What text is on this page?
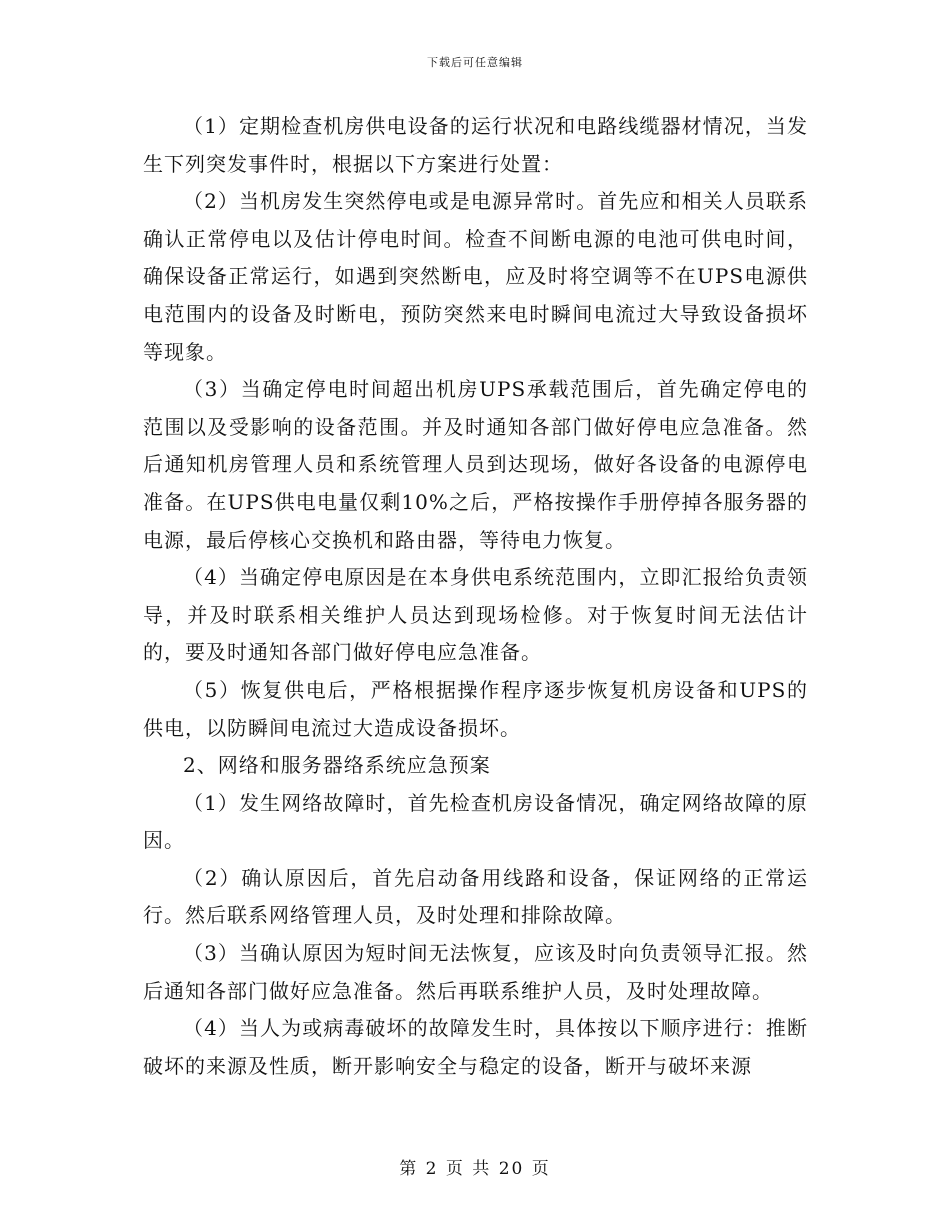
下载后可任意编辑

（1）定期检查机房供电设备的运行状况和电路线缆器材情况，当发生下列突发事件时，根据以下方案进行处置：

（2）当机房发生突然停电或是电源异常时。首先应和相关人员联系确认正常停电以及估计停电时间。检查不间断电源的电池可供电时间，确保设备正常运行，如遇到突然断电，应及时将空调等不在UPS电源供电范围内的设备及时断电，预防突然来电时瞬间电流过大导致设备损坏等现象。

（3）当确定停电时间超出机房UPS承载范围后，首先确定停电的范围以及受影响的设备范围。并及时通知各部门做好停电应急准备。然后通知机房管理人员和系统管理人员到达现场，做好各设备的电源停电准备。在UPS供电电量仅剩10%之后，严格按操作手册停掉各服务器的电源，最后停核心交换机和路由器，等待电力恢复。

（4）当确定停电原因是在本身供电系统范围内，立即汇报给负责领导，并及时联系相关维护人员达到现场检修。对于恢复时间无法估计的，要及时通知各部门做好停电应急准备。

（5）恢复供电后，严格根据操作程序逐步恢复机房设备和UPS的供电，以防瞬间电流过大造成设备损坏。

2、网络和服务器络系统应急预案

（1）发生网络故障时，首先检查机房设备情况，确定网络故障的原因。

（2）确认原因后，首先启动备用线路和设备，保证网络的正常运行。然后联系网络管理人员，及时处理和排除故障。

（3）当确认原因为短时间无法恢复，应该及时向负责领导汇报。然后通知各部门做好应急准备。然后再联系维护人员，及时处理故障。

（4）当人为或病毒破坏的故障发生时，具体按以下顺序进行：推断破坏的来源及性质，断开影响安全与稳定的设备，断开与破坏来源

第 2 页 共 20 页
